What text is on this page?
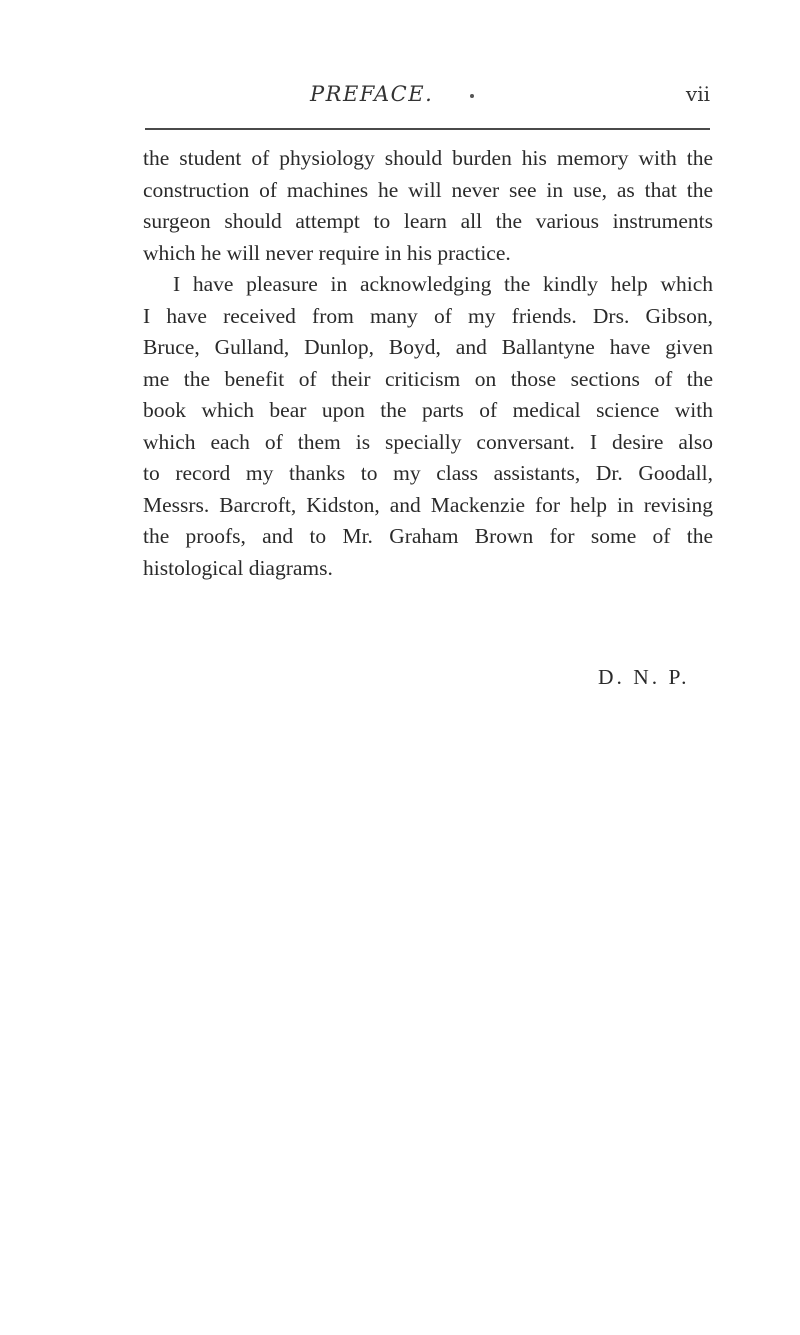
PREFACE.	vii
the student of physiology should burden his memory with the
construction of machines he will never see in use, as that the
surgeon should attempt to learn all the various instruments
which he will never require in his practice.
I have pleasure in acknowledging the kindly help which
I have received from many of my friends. Drs. Gibson,
Bruce, Gulland, Dunlop, Boyd, and Ballantyne have given
me the benefit of their criticism on those sections of the
book which bear upon the parts of medical science with
which each of them is specially conversant. I desire also
to record my thanks to my class assistants, Dr. Goodall,
Messrs. Barcroft, Kidston, and Mackenzie for help in revising
the proofs, and to Mr. Graham Brown for some of the
histological diagrams.
D. N. P.
